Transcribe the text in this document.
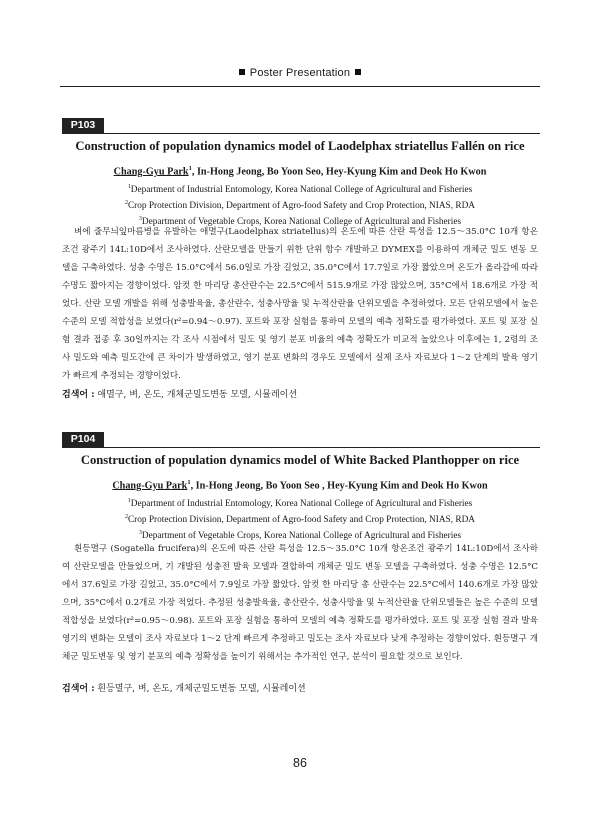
Poster Presentation
P103
Construction of population dynamics model of Laodelphax striatellus Fallén on rice
Chang-Gyu Park$^1$, In-Hong Jeong, Bo Yoon Seo, Hey-Kyung Kim and Deok Ho Kwon
$^1$Department of Industrial Entomology, Korea National College of Agricultural and Fisheries
$^2$Crop Protection Division, Department of Agro-food Safety and Crop Protection, NIAS, RDA
$^3$Department of Vegetable Crops, Korea National College of Agricultural and Fisheries

벼에 줄무늬잎마름병을 유발하는 애멸구(Laodelphax striatellus)의 온도에 따른 산란 특성을 12.5～35.0°C 10개 항온조건 광주기 14L:10D에서 조사하였다. 산란모델을 만들기 위한 단위 함수 개발하고 DYMEX를 이용하여 개체군 밀도 변동 모델을 구축하였다. 성충 수명은 15.0°C에서 56.0일로 가장 길었고, 35.0°C에서 17.7일로 가장 짧았으며 온도가 올라감에 따라 수명도 짧아지는 경향이었다. 암컷 한 마리당 총산란수는 22.5°C에서 515.9개로 가장 많았으며, 35°C에서 18.6개로 가장 적었다. 산란 모델 개발을 위해 성충발육율, 총산란수, 성충사망율 및 누적산란율 단위모델을 추정하였다. 모든 단위모델에서 높은 수준의 모델 적합성을 보였다(r²=0.94～0.97). 포트와 포장 실험을 통하여 모델의 예측 정확도를 평가하였다. 포트 및 포장 실험 결과 접종 후 30일까지는 각 조사 시점에서 밀도 및 영기 분포 비율의 예측 정확도가 비교적 높았으나 이후에는 1, 2령의 조사 밀도와 예측 밀도간에 큰 차이가 발생하였고, 영기 분포 변화의 경우도 모델에서 실제 조사 자료보다 1～2 단계의 발육 영기가 빠르게 추정되는 경향이었다.

검색어 : 애멸구, 벼, 온도, 개체군밀도변동 모델, 시뮬레이션
P104
Construction of population dynamics model of White Backed Planthopper on rice
Chang-Gyu Park$^1$, In-Hong Jeong, Bo Yoon Seo , Hey-Kyung Kim and Deok Ho Kwon
$^1$Department of Industrial Entomology, Korea National College of Agricultural and Fisheries
$^2$Crop Protection Division, Department of Agro-food Safety and Crop Protection, NIAS, RDA
$^3$Department of Vegetable Crops, Korea National College of Agricultural and Fisheries

흰등멸구 (Sogatella frucifera)의 온도에 따른 산란 특성을 12.5～35.0°C 10개 항온조건 광주기 14L:10D에서 조사하여 산란모델을 만들었으며, 기 개발된 성충전 발육 모델과 결합하여 개체군 밀도 변동 모델을 구축하였다. 성충 수명은 12.5°C에서 37.6일로 가장 길었고, 35.0°C에서 7.9일로 가장 짧았다. 암컷 한 마리당 총 산란수는 22.5°C에서 140.6개로 가장 많았으며, 35°C에서 0.2개로 가장 적었다. 추정된 성충발육율, 총산란수, 성충사망율 및 누적산란율 단위모델들은 높은 수준의 모델 적합성을 보였다(r²=0.95～0.98). 포트와 포장 실험을 통하여 모델의 예측 정확도를 평가하였다. 포트 및 포장 실험 결과 발육 영기의 변화는 모델이 조사 자료보다 1～2 단계 빠르게 추정하고 밀도는 조사 자료보다 낮게 추정하는 경향이었다. 흰등멸구 개체군 밀도변동 및 영기 분포의 예측 정확성을 높이기 위해서는 추가적인 연구, 분석이 필요할 것으로 보인다.

검색어 : 흰등멸구, 벼, 온도, 개체군밀도변동 모델, 시뮬레이션
86
